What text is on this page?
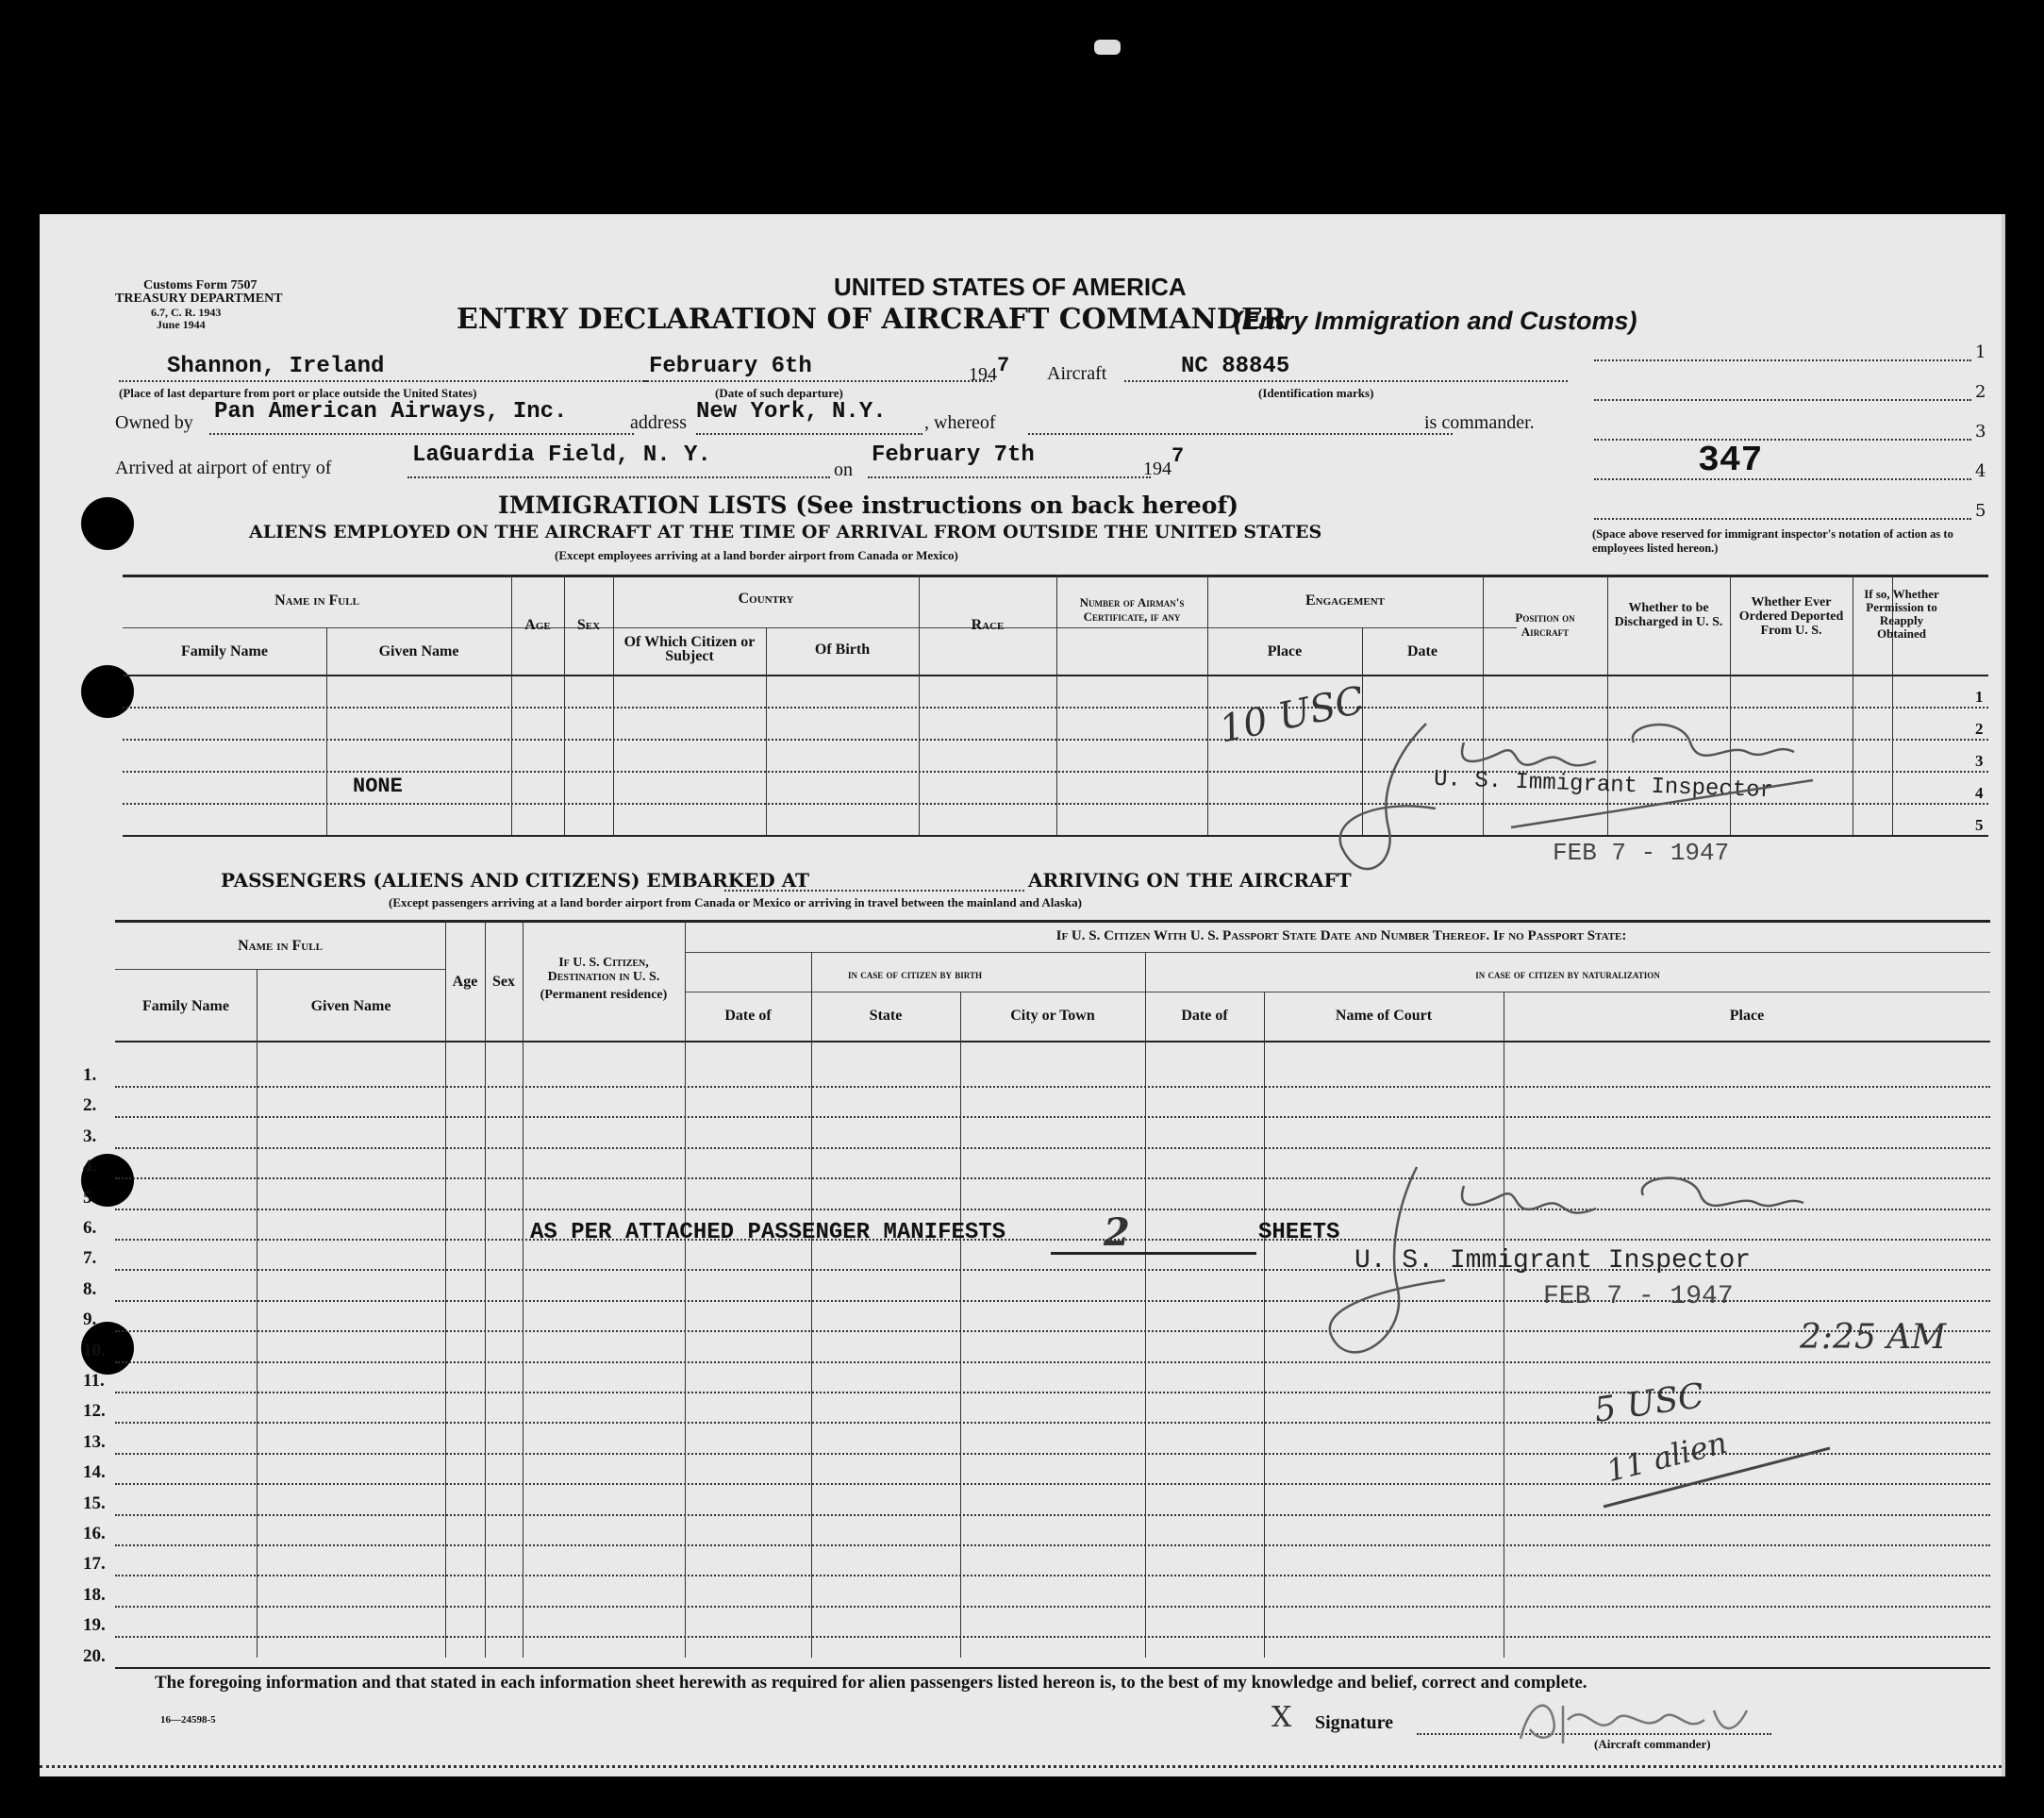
Customs Form 7507
TREASURY DEPARTMENT
6.7, C. R. 1943
June 1944
UNITED STATES OF AMERICA
ENTRY DECLARATION OF AIRCRAFT COMMANDER
(Entry Immigration and Customs)
Shannon, Ireland
(Place of last departure from port or place outside the United States)
February 6th
(Date of such departure)
1947 Aircraft	NC 88845
(Identification marks)
Owned by Pan American Airways, Inc.	address New York, N.Y. , whereof	is commander.
Arrived at airport of entry of	LaGuardia Field, N. Y.
on
February 7th
1947
1
2
3
4
5
347
(Space above reserved for immigrant inspector's notation of action as to employees listed hereon.)
IMMIGRATION LISTS (See instructions on back hereof)
ALIENS EMPLOYED ON THE AIRCRAFT AT THE TIME OF ARRIVAL FROM OUTSIDE THE UNITED STATES
(Except employees arriving at a land border airport from Canada or Mexico)
Name in Full
Family Name	Given Name
Age	Sex
Country
Of Which Citizen or Subject	Of Birth
Race
Number of Airman's Certificate, if any
Engagement
Place	Date
Position on Aircraft
Whether to be Discharged in U. S.
Whether Ever Ordered Deported From U. S.
If so, Whether Permission to Reapply Obtained
1
2
3
4
5
NONE	U. S. Immigrant Inspector
FEB 7 - 1947
10 USC
PASSENGERS (ALIENS AND CITIZENS) EMBARKED AT	ARRIVING ON THE AIRCRAFT
(Except passengers arriving at a land border airport from Canada or Mexico or arriving in travel between the mainland and Alaska)
Name in Full
Family Name	Given Name
Age Sex
If U. S. Citizen, Destination in U. S.
(Permanent residence)
If U. S. Citizen With U. S. Passport State Date and Number Thereof. If no Passport State:
in case of citizen by birth	in case of citizen by naturalization
Date of	State	City or Town	Date of	Name of Court	Place
1.
2.
3.
4.
5.
6.
7.
8.
9.
10.
11.
12.
13.
14.
15.
16.
17.
18.
19.
20.
AS PER ATTACHED PASSENGER MANIFESTS	2	SHEETS
U. S. Immigrant Inspector
FEB 7 - 1947
2:25 AM
5 USC
11 alien
The foregoing information and that stated in each information sheet herewith as required for alien passengers listed hereon is, to the best of my knowledge and belief, correct and complete.
16—24598-5	X Signature
(Aircraft commander)
